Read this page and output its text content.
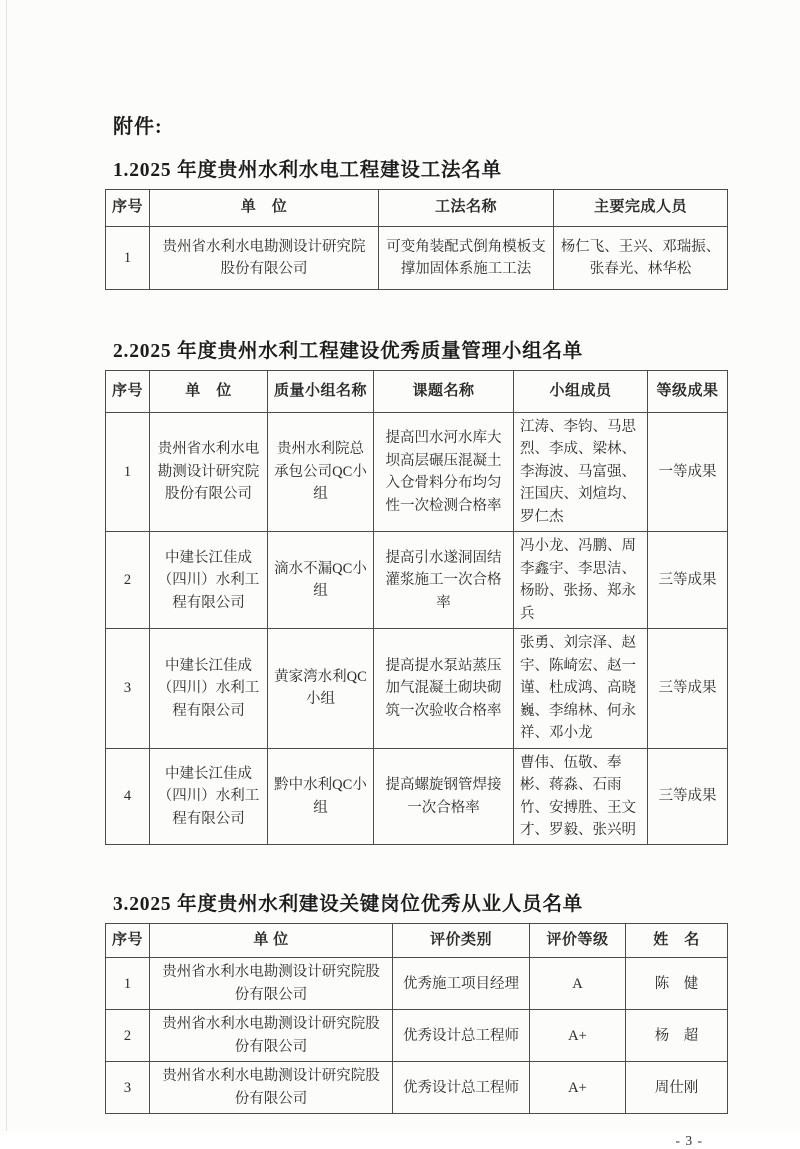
附件:
1.2025 年度贵州水利水电工程建设工法名单
序号	单　位	工法名称	主要完成人员
1	贵州省水利水电勘测设计研究院股份有限公司	可变角装配式倒角模板支撑加固体系施工工法	杨仁飞、王兴、邓瑞振、张春光、林华松
2.2025 年度贵州水利工程建设优秀质量管理小组名单
序号	单　位	质量小组名称	课题名称	小组成员	等级成果
1	贵州省水利水电勘测设计研究院股份有限公司	贵州水利院总承包公司QC小组	提高凹水河水库大坝高层碾压混凝土入仓骨料分布均匀性一次检测合格率	江涛、李钧、马思烈、李成、梁林、李海波、马富强、汪国庆、刘煊均、罗仁杰	一等成果
2	中建长江佳成（四川）水利工程有限公司	滴水不漏QC小组	提高引水遂洞固结灌浆施工一次合格率	冯小龙、冯鹏、周李鑫宇、李思洁、杨盼、张扬、郑永兵	三等成果
3	中建长江佳成（四川）水利工程有限公司	黄家湾水利QC小组	提高提水泵站蒸压加气混凝土砌块砌筑一次验收合格率	张勇、刘宗泽、赵宇、陈崎宏、赵一谨、杜成鸿、高晓巍、李绵林、何永祥、邓小龙	三等成果
4	中建长江佳成（四川）水利工程有限公司	黔中水利QC小组	提高螺旋钢管焊接一次合格率	曹伟、伍敬、奉彬、蒋淼、石雨竹、安搏胜、王文才、罗毅、张兴明	三等成果
3.2025 年度贵州水利建设关键岗位优秀从业人员名单
序号	单 位	评价类别	评价等级	姓　名
1	贵州省水利水电勘测设计研究院股份有限公司	优秀施工项目经理	A	陈　健
2	贵州省水利水电勘测设计研究院股份有限公司	优秀设计总工程师	A+	杨　超
3	贵州省水利水电勘测设计研究院股份有限公司	优秀设计总工程师	A+	周仕刚
- 3 -
